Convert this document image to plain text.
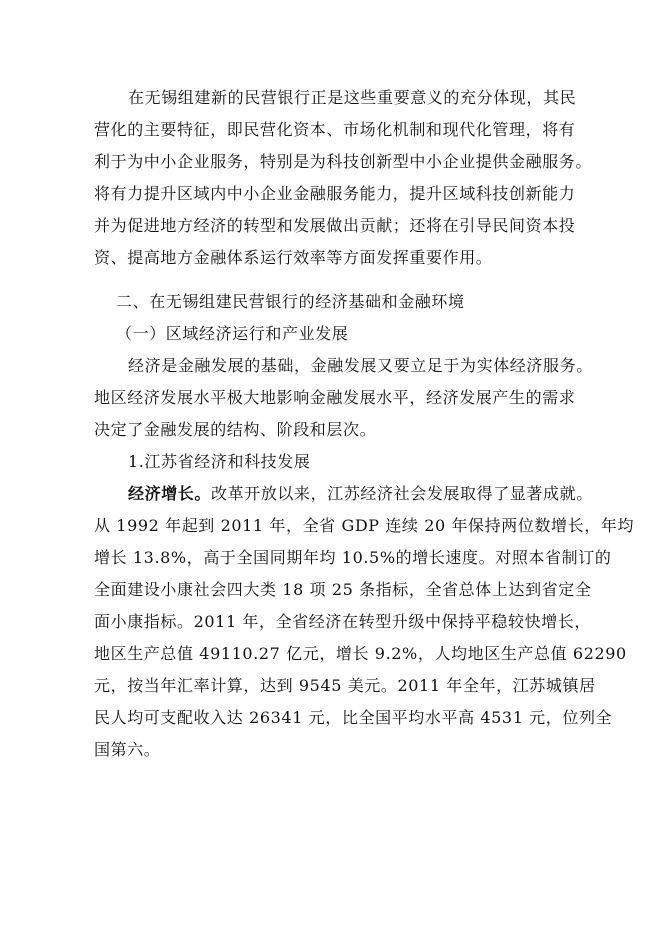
在无锡组建新的民营银行正是这些重要意义的充分体现，其民
营化的主要特征，即民营化资本、市场化机制和现代化管理，将有
利于为中小企业服务，特别是为科技创新型中小企业提供金融服务。
将有力提升区域内中小企业金融服务能力，提升区域科技创新能力
并为促进地方经济的转型和发展做出贡献；还将在引导民间资本投
资、提高地方金融体系运行效率等方面发挥重要作用。
二、在无锡组建民营银行的经济基础和金融环境
（一）区域经济运行和产业发展
经济是金融发展的基础，金融发展又要立足于为实体经济服务。
地区经济发展水平极大地影响金融发展水平，经济发展产生的需求
决定了金融发展的结构、阶段和层次。
1.江苏省经济和科技发展
经济增长。改革开放以来，江苏经济社会发展取得了显著成就。
从 1992 年起到 2011 年，全省 GDP 连续 20 年保持两位数增长，年均
增长 13.8%，高于全国同期年均 10.5%的增长速度。对照本省制订的
全面建设小康社会四大类 18 项 25 条指标，全省总体上达到省定全
面小康指标。2011 年，全省经济在转型升级中保持平稳较快增长，
地区生产总值 49110.27 亿元，增长 9.2%，人均地区生产总值 62290
元，按当年汇率计算，达到 9545 美元。2011 年全年，江苏城镇居
民人均可支配收入达 26341 元，比全国平均水平高 4531 元，位列全
国第六。
